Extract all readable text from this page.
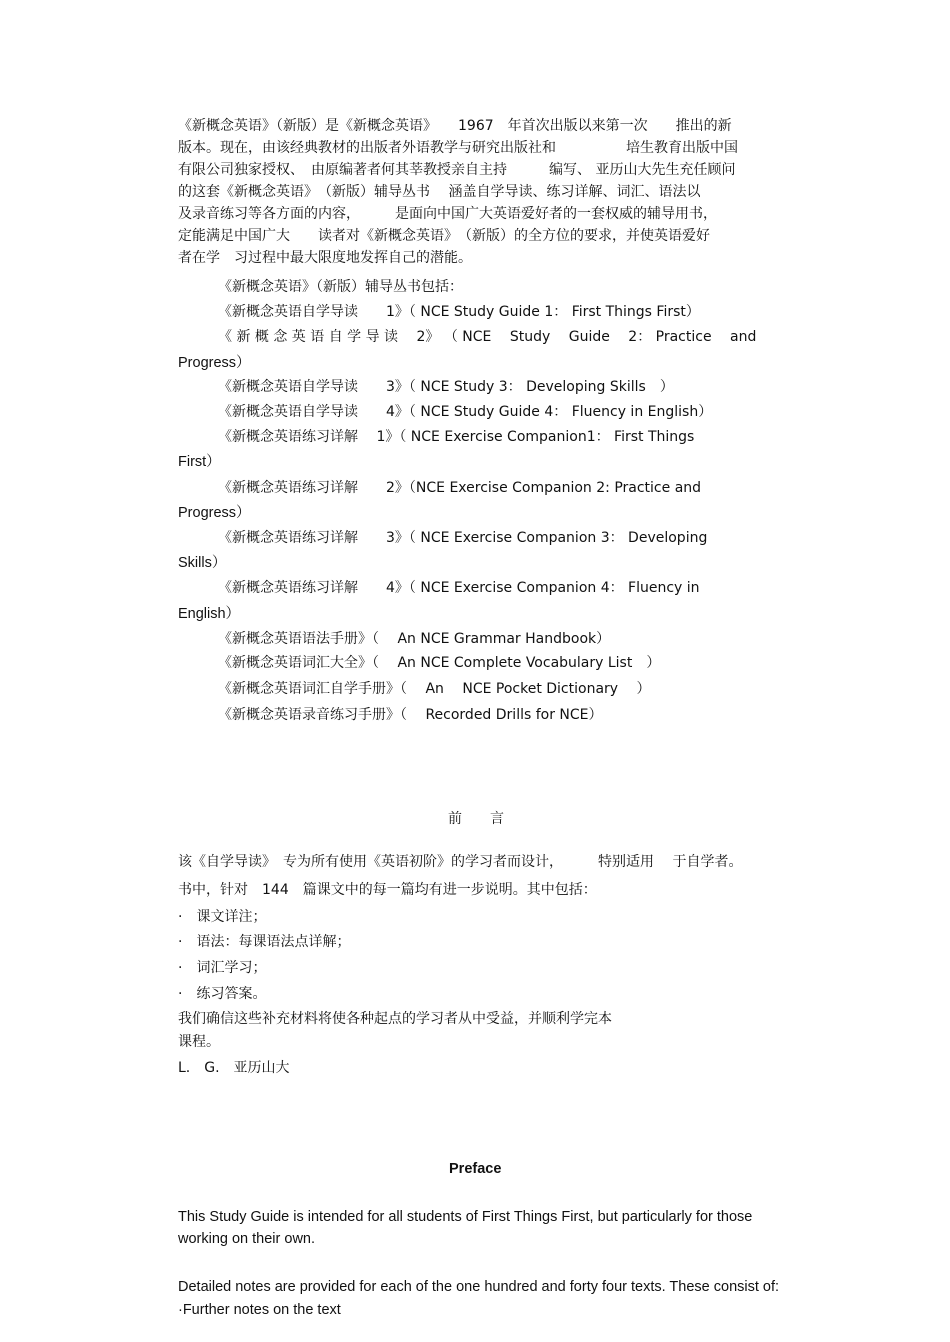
《新概念英语》（新版）是《新概念英语》　　1967　年首次出版以来第一次　　推出的新
版本。现在，由该经典教材的出版者外语教学与研究出版社和　　　　　培生教育出版中国
有限公司独家授权、　由原编著者何其莘教授亲自主持　　　编写、 亚历山大先生充任顾问
的这套《新概念英语》　（新版）辅导丛书　 涵盖自学导读、练习详解、词汇、语法以
及录音练习等各方面的内容，　　　是面向中国广大英语爱好者的一套权威的辅导用书，
定能满足中国广大　　读者对《新概念英语》　（新版）的全方位的要求，并使英语爱好
者在学　习过程中最大限度地发挥自己的潜能。
《新概念英语》（新版）辅导丛书包括：
《新概念英语自学导读　　1》（ NCE Study Guide 1： First Things First）
《 新 概 念 英 语 自 学 导 读　 2》 （ NCE　 Study　 Guide　 2： Practice　 and
Progress）
《新概念英语自学导读　　3》（ NCE Study 3： Developing Skills　）
《新概念英语自学导读　　4》（ NCE Study Guide 4： Fluency in English）
《新概念英语练习详解　 1》（ NCE Exercise Companion1： First Things
First）
《新概念英语练习详解　　2》（NCE Exercise Companion 2: Practice and
Progress）
《新概念英语练习详解　　3》（ NCE Exercise Companion 3： Developing
Skills）
《新概念英语练习详解　　4》（ NCE Exercise Companion 4： Fluency in
English）
《新概念英语语法手册》（　 An NCE Grammar Handbook）
《新概念英语词汇大全》（　 An NCE Complete Vocabulary List　）
《新概念英语词汇自学手册》（　 An　 NCE Pocket Dictionary　 ）
《新概念英语录音练习手册》（　 Recorded Drills for NCE）
前　　言
该《自学导读》　专为所有使用《英语初阶》的学习者而设计，　　　特别适用　 于自学者。
书中，针对　144　篇课文中的每一篇均有进一步说明。其中包括：
·　课文详注；
·　语法：每课语法点详解；
·　词汇学习；
·　练习答案。
我们确信这些补充材料将使各种起点的学习者从中受益，并顺利学完本
课程。
L.　G.　亚历山大
Preface
This Study Guide is intended for all students of First Things First, but particularly for those
working on their own.
Detailed notes are provided for each of the one hundred and forty four texts. These consist of:
·Further notes on the text
